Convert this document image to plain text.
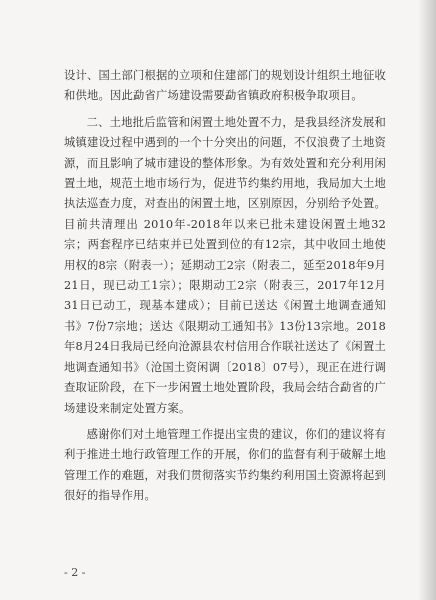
设计、国土部门根据的立项和住建部门的规划设计组织土地征收和供地。因此勐省广场建设需要勐省镇政府积极争取项目。

二、土地批后监管和闲置土地处置不力，是我县经济发展和城镇建设过程中遇到的一个十分突出的问题，不仅浪费了土地资源，而且影响了城市建设的整体形象。为有效处置和充分利用闲置土地，规范土地市场行为，促进节约集约用地，我局加大土地执法巡查力度，对查出的闲置土地，区别原因，分别给予处置。目前共清理出 2010年-2018年以来已批未建设闲置土地32宗；两套程序已结束并已处置到位的有12宗，其中收回土地使用权的8宗（附表一）；延期动工2宗（附表二，延至2018年9月21日，现已动工1宗）；限期动工2宗（附表三，2017年12月31日已动工，现基本建成）；目前已送达《闲置土地调查通知书》7份7宗地；送达《限期动工通知书》13份13宗地。2018年8月24日我局已经向沧源县农村信用合作联社送达了《闲置土地调查通知书》（沧国土资闲调〔2018〕07号），现正在进行调查取证阶段，在下一步闲置土地处置阶段，我局会结合勐省的广场建设来制定处置方案。

感谢你们对土地管理工作提出宝贵的建议，你们的建议将有利于推进土地行政管理工作的开展，你们的监督有利于破解土地管理工作的难题，对我们贯彻落实节约集约利用国土资源将起到很好的指导作用。

- 2 -
